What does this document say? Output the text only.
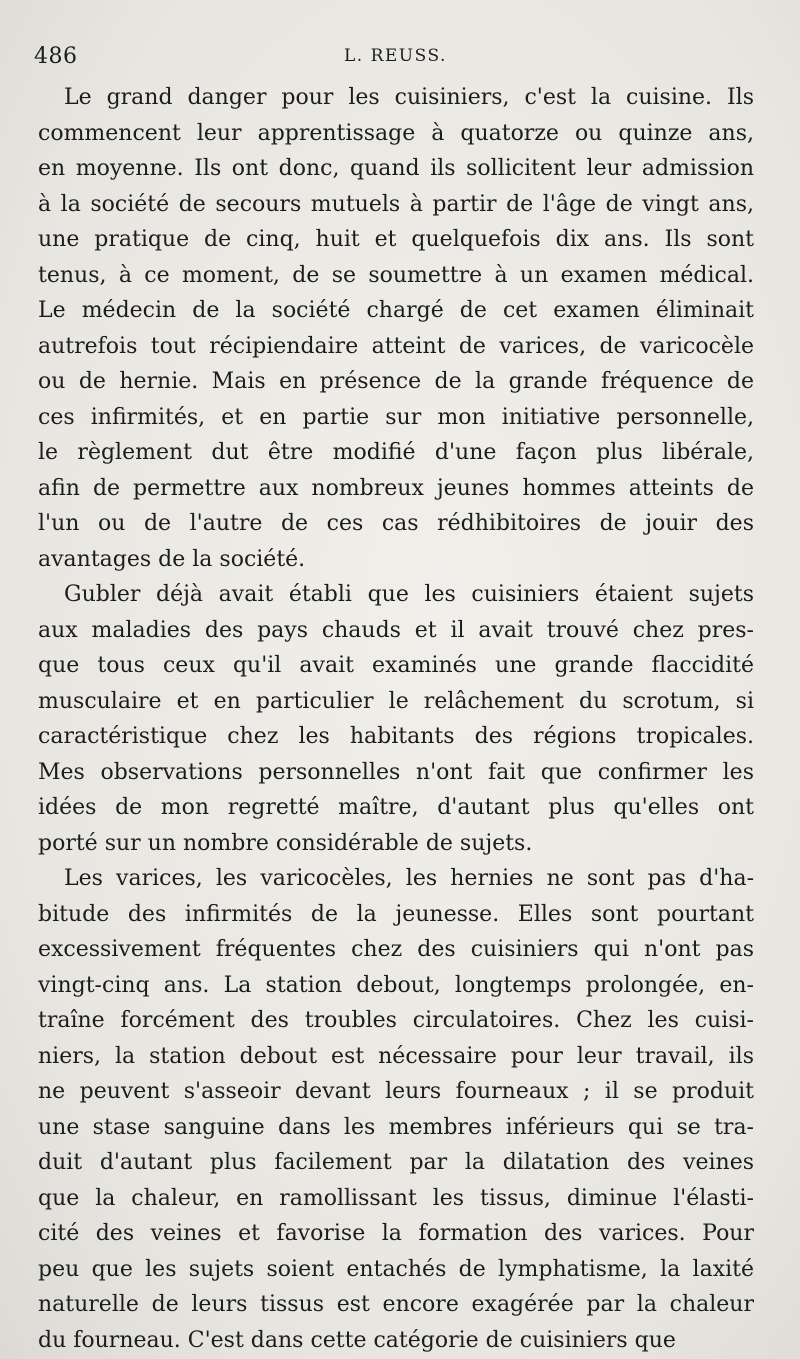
486	L. REUSS.
Le grand danger pour les cuisiniers, c'est la cuisine. Ils
commencent leur apprentissage à quatorze ou quinze ans,
en moyenne. Ils ont donc, quand ils sollicitent leur admission
à la société de secours mutuels à partir de l'âge de vingt ans,
une pratique de cinq, huit et quelquefois dix ans. Ils sont
tenus, à ce moment, de se soumettre à un examen médical.
Le médecin de la société chargé de cet examen éliminait
autrefois tout récipiendaire atteint de varices, de varicocèle
ou de hernie. Mais en présence de la grande fréquence de
ces infirmités, et en partie sur mon initiative personnelle,
le règlement dut être modifié d'une façon plus libérale,
afin de permettre aux nombreux jeunes hommes atteints de
l'un ou de l'autre de ces cas rédhibitoires de jouir des
avantages de la société.
Gubler déjà avait établi que les cuisiniers étaient sujets
aux maladies des pays chauds et il avait trouvé chez pres-
que tous ceux qu'il avait examinés une grande flaccidité
musculaire et en particulier le relâchement du scrotum, si
caractéristique chez les habitants des régions tropicales.
Mes observations personnelles n'ont fait que confirmer les
idées de mon regretté maître, d'autant plus qu'elles ont
porté sur un nombre considérable de sujets.
Les varices, les varicocèles, les hernies ne sont pas d'ha-
bitude des infirmités de la jeunesse. Elles sont pourtant
excessivement fréquentes chez des cuisiniers qui n'ont pas
vingt-cinq ans. La station debout, longtemps prolongée, en-
traîne forcément des troubles circulatoires. Chez les cuisi-
niers, la station debout est nécessaire pour leur travail, ils
ne peuvent s'asseoir devant leurs fourneaux ; il se produit
une stase sanguine dans les membres inférieurs qui se tra-
duit d'autant plus facilement par la dilatation des veines
que la chaleur, en ramollissant les tissus, diminue l'élasti-
cité des veines et favorise la formation des varices. Pour
peu que les sujets soient entachés de lymphatisme, la laxité
naturelle de leurs tissus est encore exagérée par la chaleur
du fourneau. C'est dans cette catégorie de cuisiniers que
